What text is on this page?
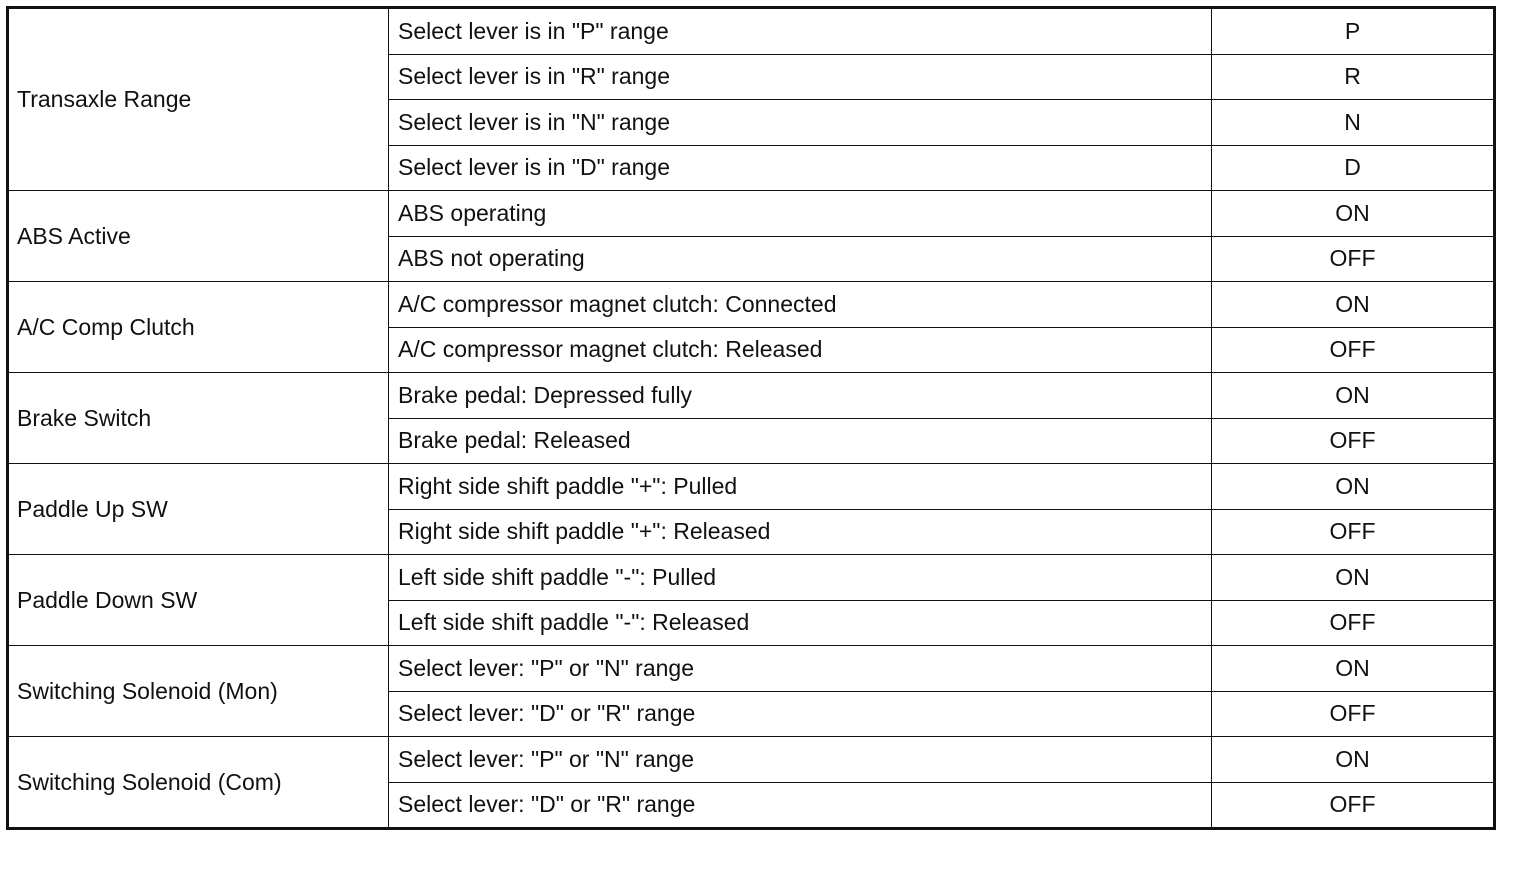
Transaxle Range	Select lever is in "P" range	P
	Select lever is in "R" range	R
	Select lever is in "N" range	N
	Select lever is in "D" range	D
ABS Active	ABS operating	ON
	ABS not operating	OFF
A/C Comp Clutch	A/C compressor magnet clutch: Connected	ON
	A/C compressor magnet clutch: Released	OFF
Brake Switch	Brake pedal: Depressed fully	ON
	Brake pedal: Released	OFF
Paddle Up SW	Right side shift paddle "+": Pulled	ON
	Right side shift paddle "+": Released	OFF
Paddle Down SW	Left side shift paddle "-": Pulled	ON
	Left side shift paddle "-": Released	OFF
Switching Solenoid (Mon)	Select lever: "P" or "N" range	ON
	Select lever: "D" or "R" range	OFF
Switching Solenoid (Com)	Select lever: "P" or "N" range	ON
	Select lever: "D" or "R" range	OFF
